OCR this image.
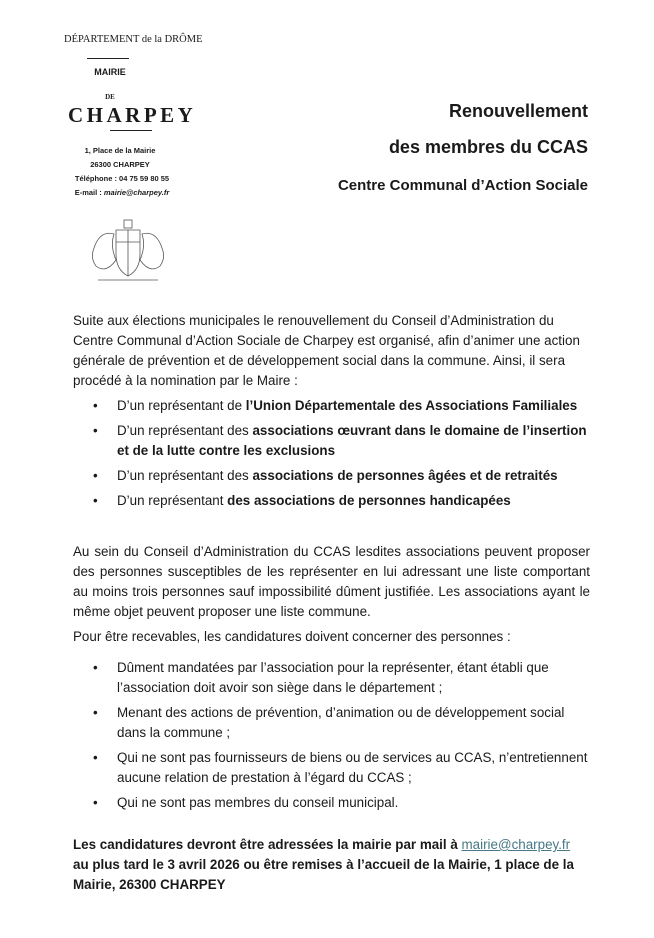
DÉPARTEMENT de la DRÔME
MAIRIE
DE
CHARPEY
1, Place de la Mairie
26300 CHARPEY
Téléphone : 04 75 59 80 55
E-mail : mairie@charpey.fr
Renouvellement
des membres du CCAS
Centre Communal d’Action Sociale

Suite aux élections municipales le renouvellement du Conseil d’Administration du Centre Communal d’Action Sociale de Charpey est organisé, afin d’animer une action générale de prévention et de développement social dans la commune. Ainsi, il sera procédé à la nomination par le Maire :

• D’un représentant de l’Union Départementale des Associations Familiales
• D’un représentant des associations œuvrant dans le domaine de l’insertion et de la lutte contre les exclusions
• D’un représentant des associations de personnes âgées et de retraités
• D’un représentant des associations de personnes handicapées

Au sein du Conseil d’Administration du CCAS lesdites associations peuvent proposer des personnes susceptibles de les représenter en lui adressant une liste comportant au moins trois personnes sauf impossibilité dûment justifiée. Les associations ayant le même objet peuvent proposer une liste commune.

Pour être recevables, les candidatures doivent concerner des personnes :

• Dûment mandatées par l’association pour la représenter, étant établi que l’association doit avoir son siège dans le département ;
• Menant des actions de prévention, d’animation ou de développement social dans la commune ;
• Qui ne sont pas fournisseurs de biens ou de services au CCAS, n’entretiennent aucune relation de prestation à l’égard du CCAS ;
• Qui ne sont pas membres du conseil municipal.

Les candidatures devront être adressées la mairie par mail à mairie@charpey.fr  au plus tard le 3 avril 2026 ou être remises à l’accueil de la Mairie, 1 place de la Mairie, 26300 CHARPEY
